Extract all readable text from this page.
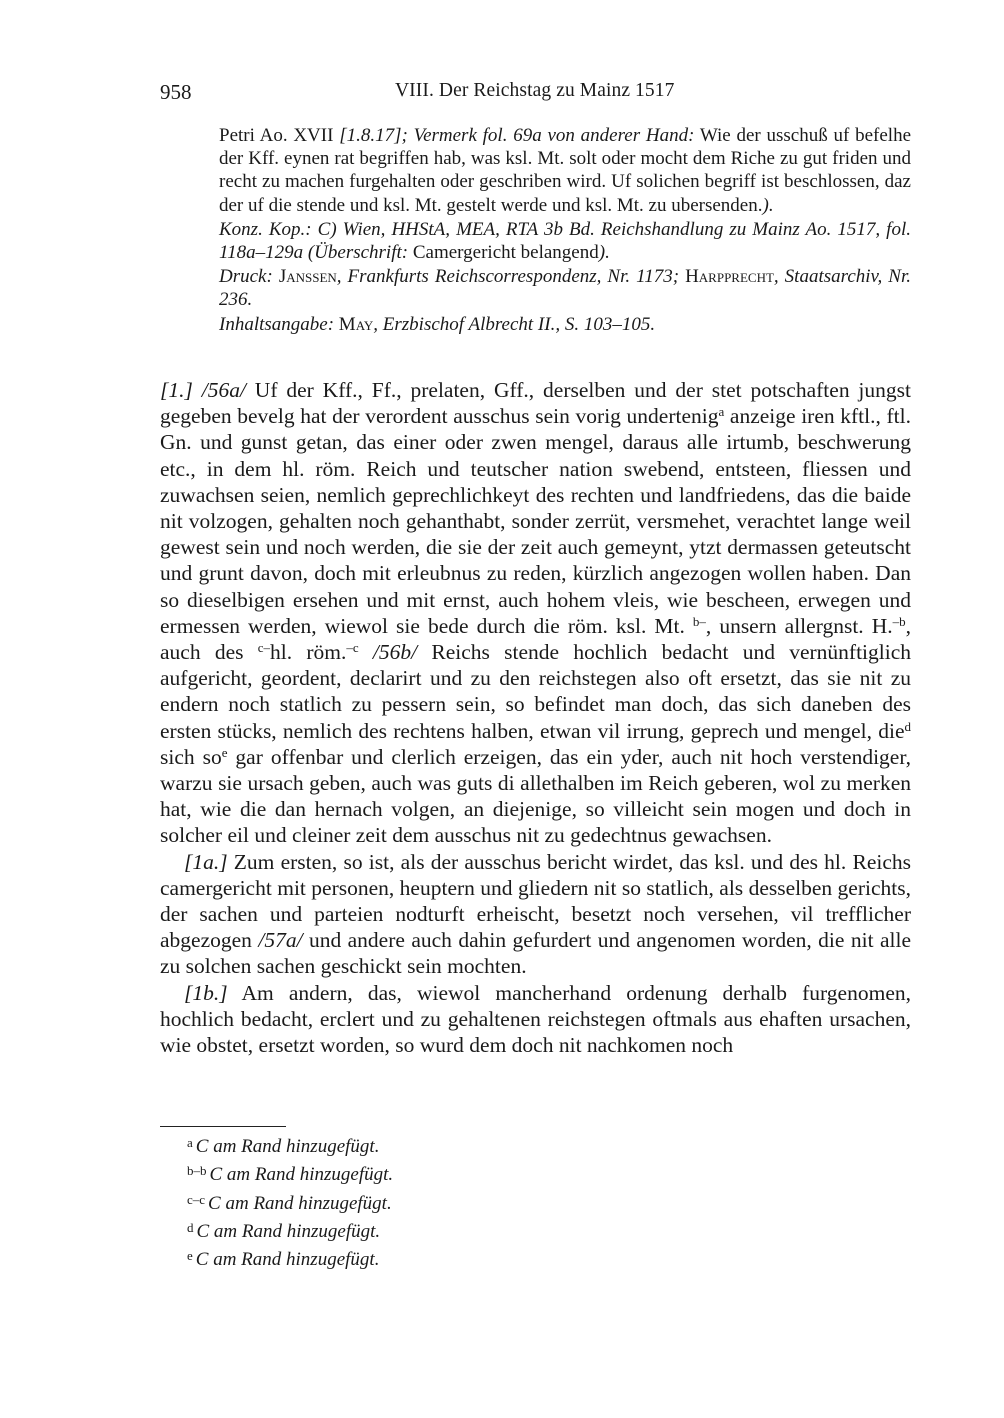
958	VIII. Der Reichstag zu Mainz 1517

Petri Ao. XVII [1.8.17]; Vermerk fol. 69a von anderer Hand: Wie der usschuß uf befelhe der Kff. eynen rat begriffen hab, was ksl. Mt. solt oder mocht dem Riche zu gut friden und recht zu machen furgehalten oder geschriben wird. Uf solichen begriff ist beschlossen, daz der uf die stende und ksl. Mt. gestelt werde und ksl. Mt. zu ubersenden.).

Konz. Kop.: C) Wien, HHStA, MEA, RTA 3b Bd. Reichshandlung zu Mainz Ao. 1517, fol. 118a–129a (Überschrift: Camergericht belangend).

Druck: Janssen, Frankfurts Reichscorrespondenz, Nr. 1173; Harpprecht, Staatsarchiv, Nr. 236.

Inhaltsangabe: May, Erzbischof Albrecht II., S. 103–105.

[1.] /56a/ Uf der Kff., Ff., prelaten, Gff., derselben und der stet potschaften jungst gegeben bevelg hat der verordent ausschus sein vorig undertenig$^a$ anzeige iren kftl., ftl. Gn. und gunst getan, das einer oder zwen mengel, daraus alle irtumb, beschwerung etc., in dem hl. röm. Reich und teutscher nation swebend, entsteen, fliessen und zuwachsen seien, nemlich geprechlichkeyt des rechten und landfriedens, das die baide nit volzogen, gehalten noch gehanthabt, sonder zerrüt, versmehet, verachtet lange weil gewest sein und noch werden, die sie der zeit auch gemeynt, ytzt dermassen geteutscht und grunt davon, doch mit erleubnus zu reden, kürzlich angezogen wollen haben. Dan so dieselbigen ersehen und mit ernst, auch hohem vleis, wie bescheen, erwegen und ermessen werden, wiewol sie bede durch die röm. ksl. Mt. $^{b-}$, unsern allergnst. H.$^{-b}$, auch des $^{c-}$hl. röm.$^{-c}$ /56b/ Reichs stende hochlich bedacht und vernünftiglich aufgericht, geordent, declarirt und zu den reichstegen also oft ersetzt, das sie nit zu endern noch statlich zu pessern sein, so befindet man doch, das sich daneben des ersten stücks, nemlich des rechtens halben, etwan vil irrung, geprech und mengel, die$^d$ sich $so^e$ gar offenbar und clerlich erzeigen, das ein yder, auch nit hoch verstendiger, warzu sie ursach geben, auch was guts di allethalben im Reich geberen, wol zu merken hat, wie die dan hernach volgen, an diejenige, so villeicht sein mogen und doch in solcher eil und cleiner zeit dem ausschus nit zu gedechtnus gewachsen.

[1a.] Zum ersten, so ist, als der ausschus bericht wirdet, das ksl. und des hl. Reichs camergericht mit personen, heuptern und gliedern nit so statlich, als desselben gerichts, der sachen und parteien nodturft erheischt, besetzt noch versehen, vil trefflicher abgezogen /57a/ und andere auch dahin gefurdert und angenomen worden, die nit alle zu solchen sachen geschickt sein mochten.

[1b.] Am andern, das, wiewol mancherhand ordenung derhalb furgenomen, hochlich bedacht, erclert und zu gehaltenen reichstegen oftmals aus ehaften ursachen, wie obstet, ersetzt worden, so wurd dem doch nit nachkomen noch

$^a$ C am Rand hinzugefügt.

$^{b-b}$ C am Rand hinzugefügt.

$^{c-c}$ C am Rand hinzugefügt.

$^d$ C am Rand hinzugefügt.

$^e$ C am Rand hinzugefügt.
